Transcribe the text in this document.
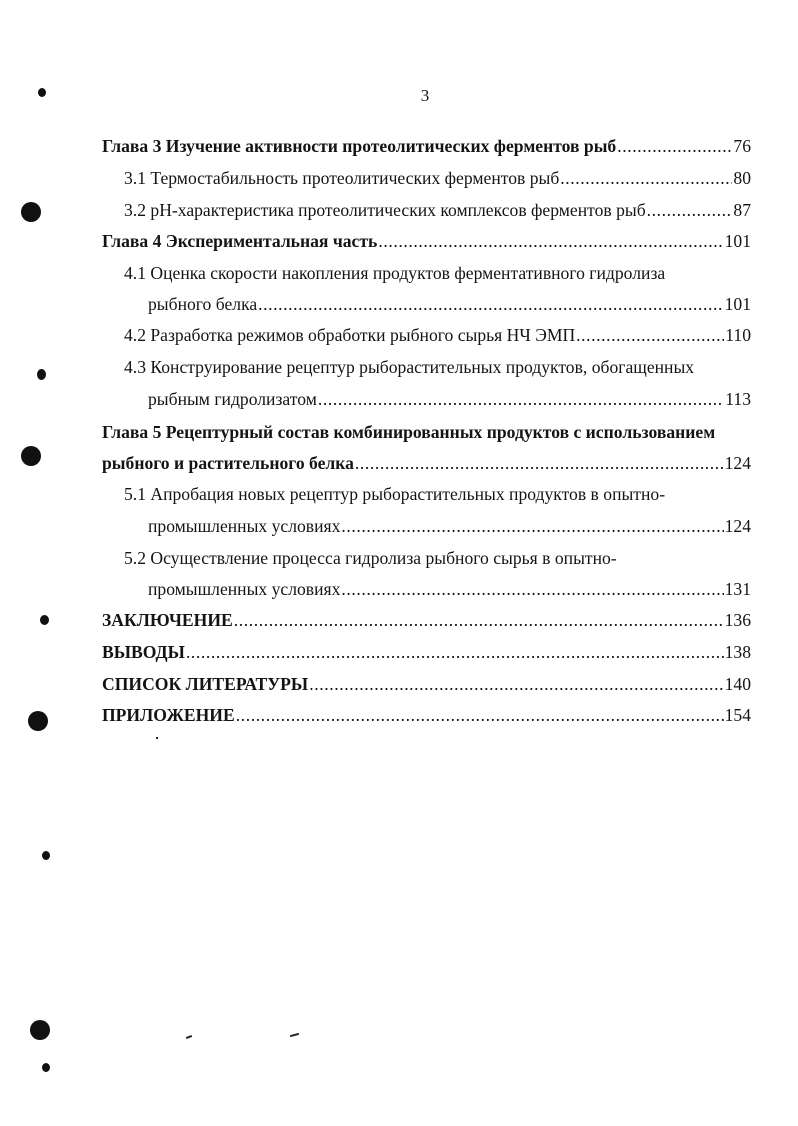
3
Глава 3 Изучение активности протеолитических ферментов рыб .....	76
3.1 Термостабильность протеолитических ферментов рыб .....	80
3.2 pH-характеристика протеолитических комплексов ферментов рыб .....	87
Глава 4 Экспериментальная часть .....	101
4.1 Оценка скорости накопления продуктов ферментативного гидролиза
рыбного белка .....	101
4.2 Разработка режимов обработки рыбного сырья НЧ ЭМП .....	110
4.3 Конструирование рецептур рыборастительных продуктов, обогащенных
рыбным гидролизатом .....	113
Глава 5 Рецептурный состав комбинированных продуктов с использованием
рыбного и растительного белка .....	124
5.1 Апробация новых рецептур рыборастительных продуктов в опытно-
промышленных условиях .....	124
5.2 Осуществление процесса гидролиза рыбного сырья в опытно-
промышленных условиях .....	131
ЗАКЛЮЧЕНИЕ .....	136
ВЫВОДЫ .....	138
СПИСОК ЛИТЕРАТУРЫ .....	140
ПРИЛОЖЕНИЕ .....	154
